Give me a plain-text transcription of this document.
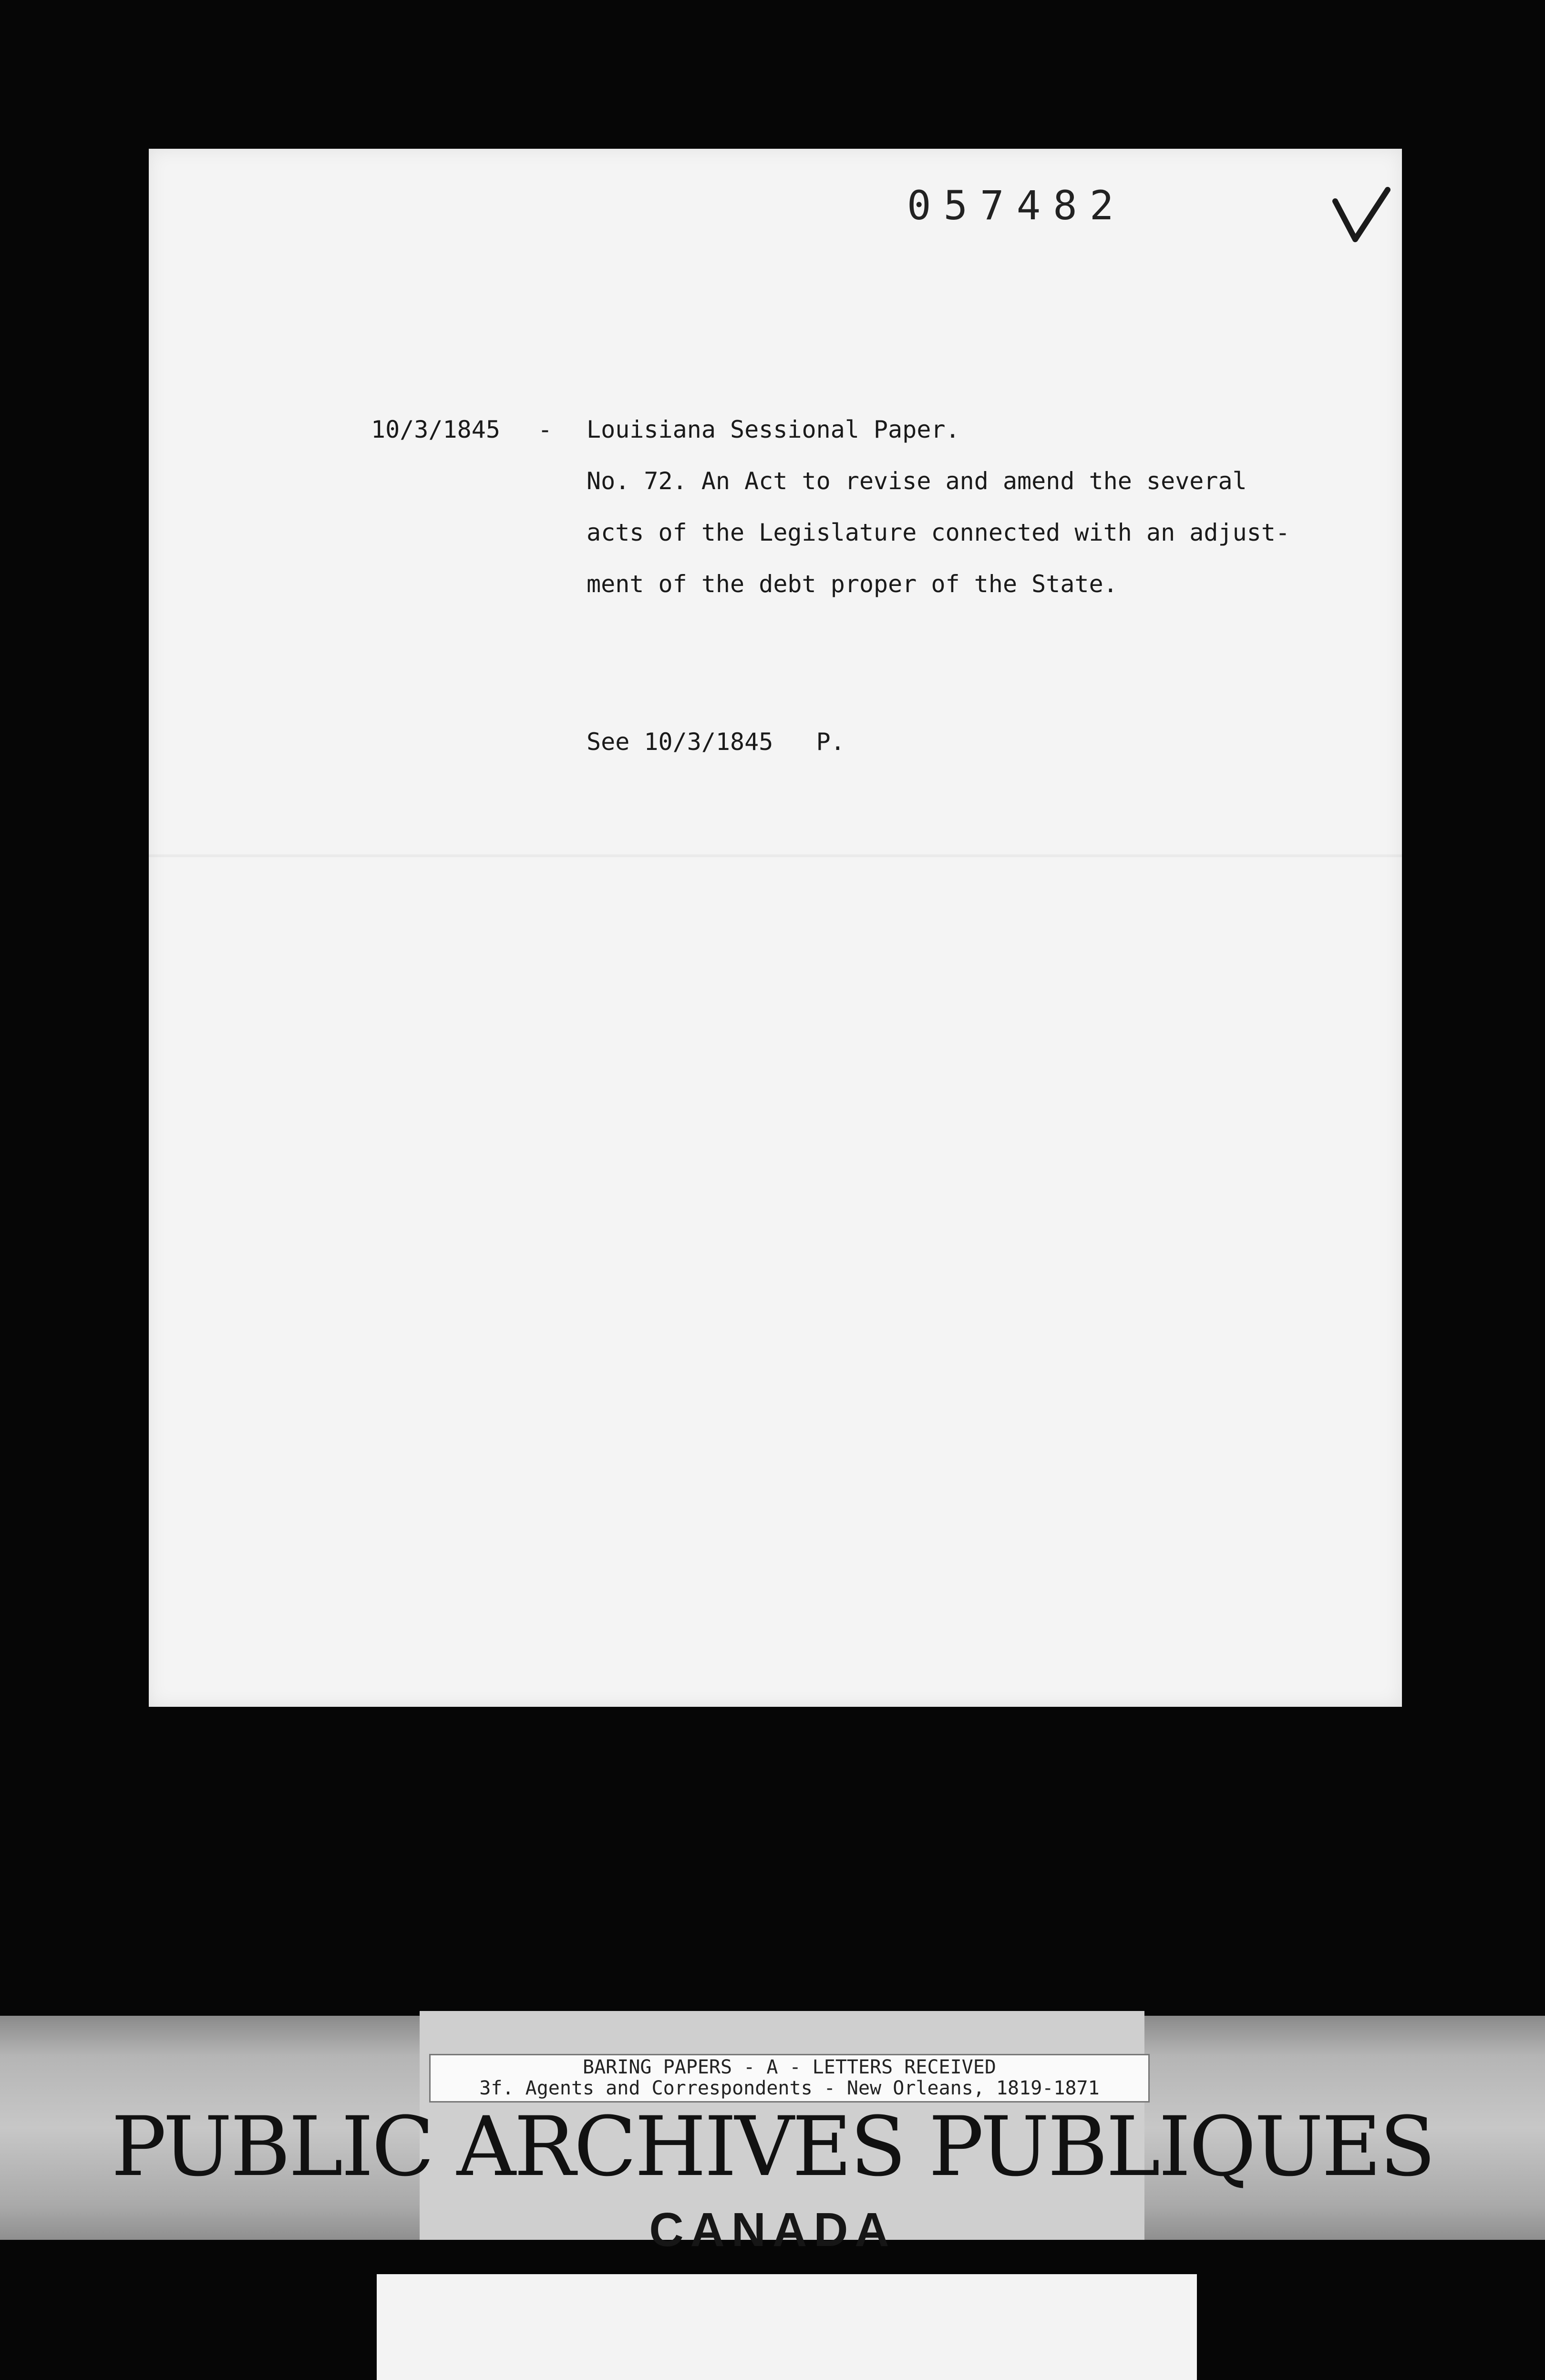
057482
10/3/1845 - Louisiana Sessional Paper.
No. 72. An Act to revise and amend the several
acts of the Legislature connected with an adjust-
ment of the debt proper of the State.
See 10/3/1845   P.
BARING PAPERS - A - LETTERS RECEIVED
3f. Agents and Correspondents - New Orleans, 1819-1871
PUBLIC ARCHIVES PUBLIQUES
CANADA
